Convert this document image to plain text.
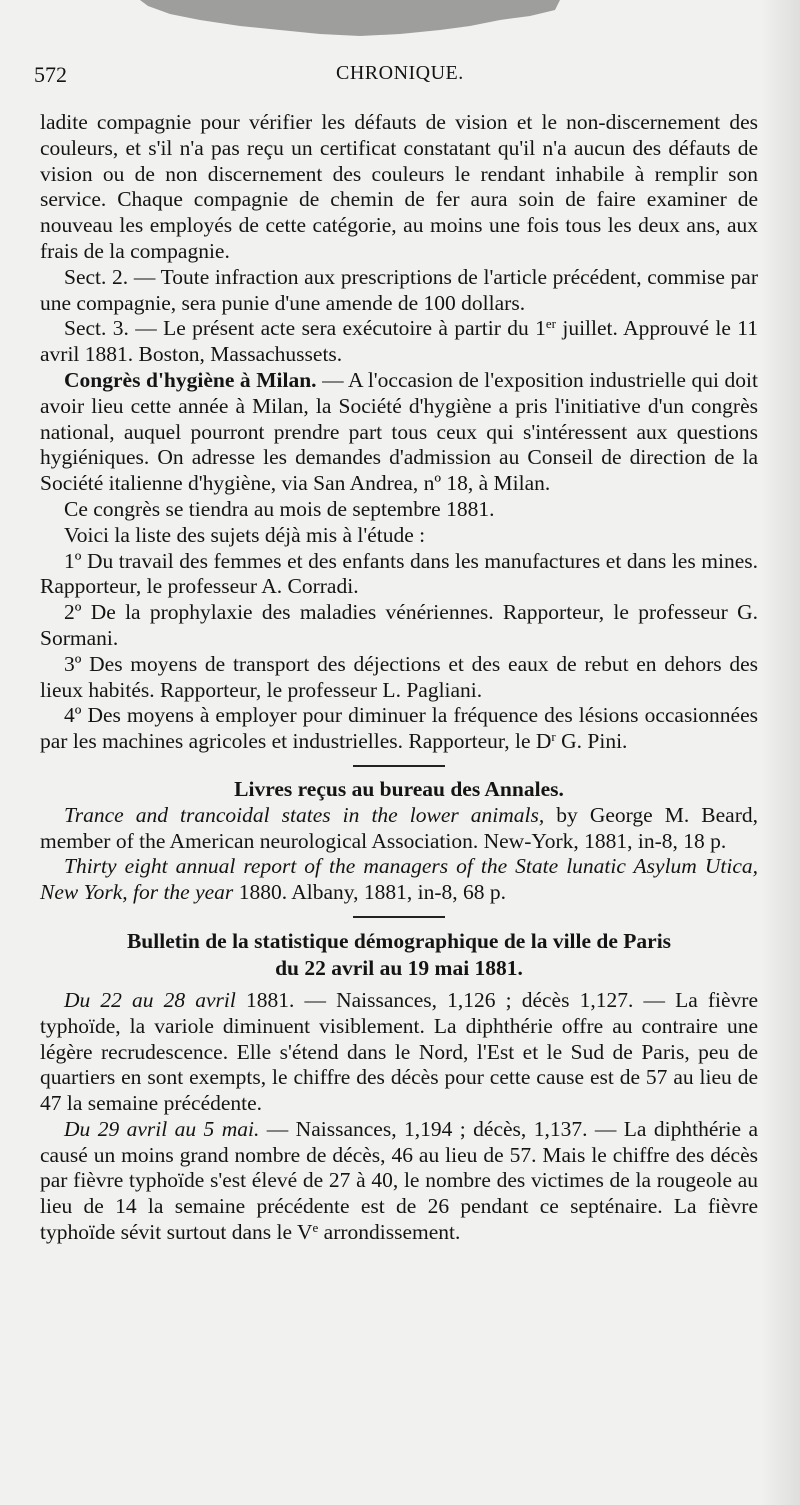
572	CHRONIQUE.

ladite compagnie pour vérifier les défauts de vision et le non-discernement des couleurs, et s'il n'a pas reçu un certificat constatant qu'il n'a aucun des défauts de vision ou de non discernement des couleurs le rendant inhabile à remplir son service. Chaque compagnie de chemin de fer aura soin de faire examiner de nouveau les employés de cette catégorie, au moins une fois tous les deux ans, aux frais de la compagnie.

Sect. 2. — Toute infraction aux prescriptions de l'article précédent, commise par une compagnie, sera punie d'une amende de 100 dollars.

Sect. 3. — Le présent acte sera exécutoire à partir du 1er juillet. Approuvé le 11 avril 1881. Boston, Massachussets.

Congrès d'hygiène à Milan. — A l'occasion de l'exposition industrielle qui doit avoir lieu cette année à Milan, la Société d'hygiène a pris l'initiative d'un congrès national, auquel pourront prendre part tous ceux qui s'intéressent aux questions hygiéniques. On adresse les demandes d'admission au Conseil de direction de la Société italienne d'hygiène, via San Andrea, nº 18, à Milan.

Ce congrès se tiendra au mois de septembre 1881.

Voici la liste des sujets déjà mis à l'étude :

1º Du travail des femmes et des enfants dans les manufactures et dans les mines. Rapporteur, le professeur A. Corradi.

2º De la prophylaxie des maladies vénériennes. Rapporteur, le professeur G. Sormani.

3º Des moyens de transport des déjections et des eaux de rebut en dehors des lieux habités. Rapporteur, le professeur L. Pagliani.

4º Des moyens à employer pour diminuer la fréquence des lésions occasionnées par les machines agricoles et industrielles. Rapporteur, le $D^r$ G. Pini.

Livres reçus au bureau des Annales.

Trance and trancoidal states in the lower animals, by George M. Beard, member of the American neurological Association. New-York, 1881, in-8, 18 p.

Thirty eight annual report of the managers of the State lunatic Asylum Utica, New York, for the year 1880. Albany, 1881, in-8, 68 p.

Bulletin de la statistique démographique de la ville de Paris
du 22 avril au 19 mai 1881.

Du 22 au 28 avril 1881. — Naissances, 1,126 ; décès 1,127. — La fièvre typhoïde, la variole diminuent visiblement. La diphthérie offre au contraire une légère recrudescence. Elle s'étend dans le Nord, l'Est et le Sud de Paris, peu de quartiers en sont exempts, le chiffre des décès pour cette cause est de 57 au lieu de 47 la semaine précédente.

Du 29 avril au 5 mai. — Naissances, 1,194 ; décès, 1,137. — La diphthérie a causé un moins grand nombre de décès, 46 au lieu de 57. Mais le chiffre des décès par fièvre typhoïde s'est élevé de 27 à 40, le nombre des victimes de la rougeole au lieu de 14 la semaine précédente est de 26 pendant ce septénaire. La fièvre typhoïde sévit surtout dans le Ve arrondissement.
